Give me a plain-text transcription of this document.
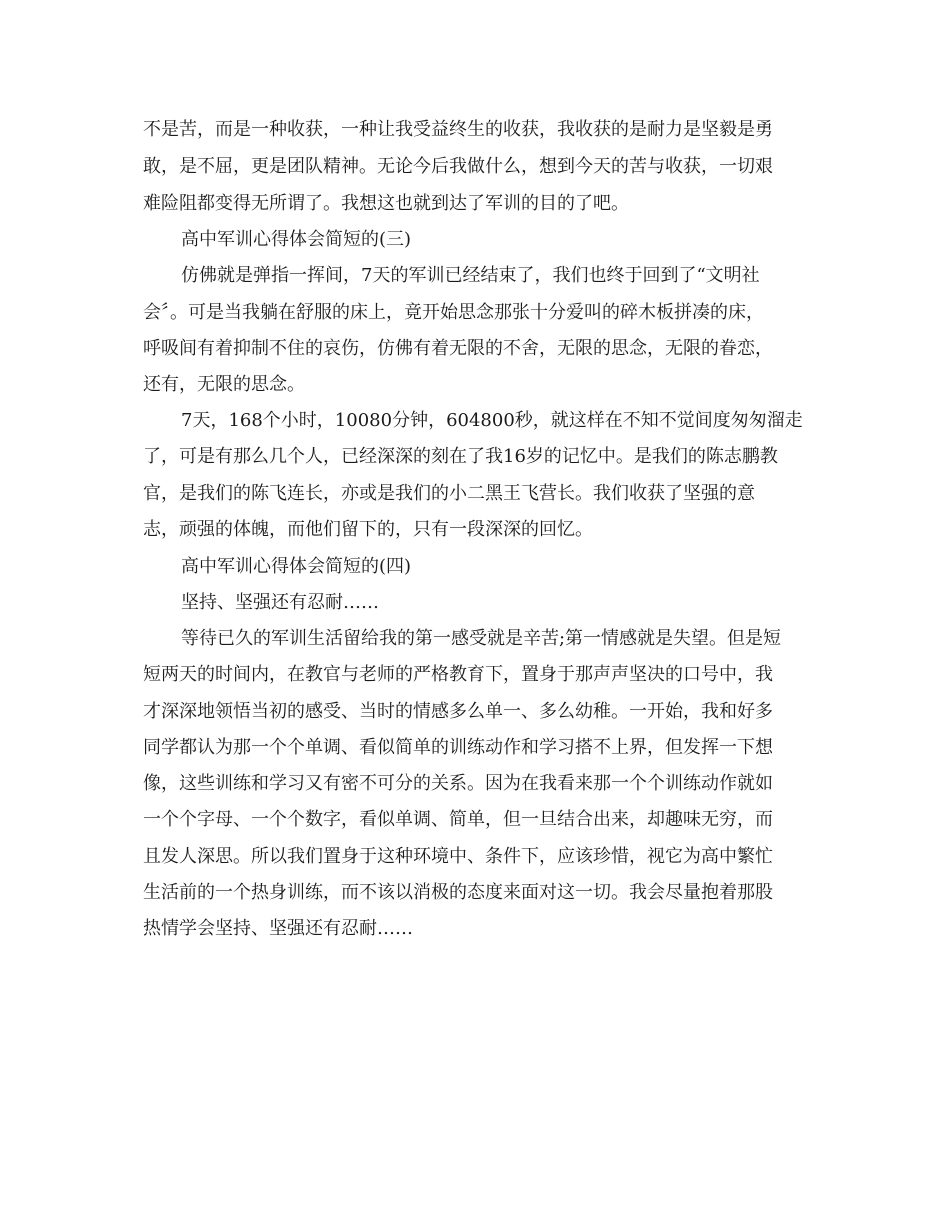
不是苦，而是一种收获，一种让我受益终生的收获，我收获的是耐力是坚毅是勇

敢，是不屈，更是团队精神。无论今后我做什么，想到今天的苦与收获，一切艰

难险阻都变得无所谓了。我想这也就到达了军训的目的了吧。

高中军训心得体会简短的(三)

仿佛就是弹指一挥间，7天的军训已经结束了，我们也终于回到了“文明社

会〞。可是当我躺在舒服的床上，竟开始思念那张十分爱叫的碎木板拼凑的床，

呼吸间有着抑制不住的哀伤，仿佛有着无限的不舍，无限的思念，无限的眷恋，

还有，无限的思念。

7天，168个小时，10080分钟，604800秒，就这样在不知不觉间度匆匆溜走

了，可是有那么几个人，已经深深的刻在了我16岁的记忆中。是我们的陈志鹏教

官，是我们的陈飞连长，亦或是我们的小二黑王飞营长。我们收获了坚强的意

志，顽强的体魄，而他们留下的，只有一段深深的回忆。

高中军训心得体会简短的(四)

坚持、坚强还有忍耐……

等待已久的军训生活留给我的第一感受就是辛苦;第一情感就是失望。但是短

短两天的时间内，在教官与老师的严格教育下，置身于那声声坚决的口号中，我

才深深地领悟当初的感受、当时的情感多么单一、多么幼稚。一开始，我和好多

同学都认为那一个个单调、看似简单的训练动作和学习搭不上界，但发挥一下想

像，这些训练和学习又有密不可分的关系。因为在我看来那一个个训练动作就如

一个个字母、一个个数字，看似单调、简单，但一旦结合出来，却趣味无穷，而

且发人深思。所以我们置身于这种环境中、条件下，应该珍惜，视它为高中繁忙

生活前的一个热身训练，而不该以消极的态度来面对这一切。我会尽量抱着那股

热情学会坚持、坚强还有忍耐……
